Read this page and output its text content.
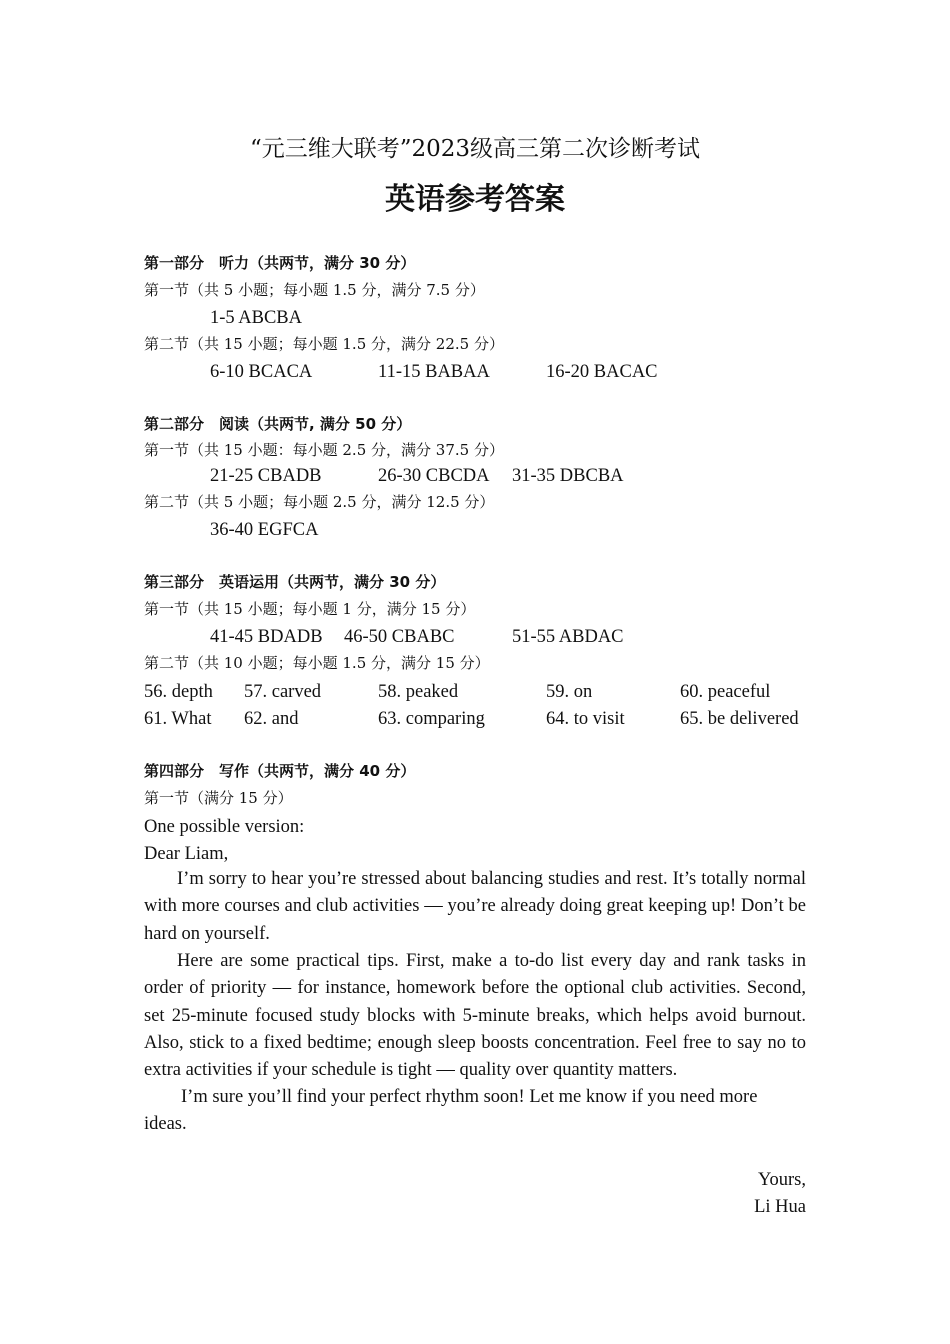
“元三维大联考”2023级高三第二次诊断考试
英语参考答案
第一部分　听力（共两节，满分 30 分）
第一节（共 5 小题；每小题 1.5 分，满分 7.5 分）
1-5 ABCBA
第二节（共 15 小题；每小题 1.5 分，满分 22.5 分）
6-10 BCACA	11-15 BABAA	16-20 BACAC
第二部分　阅读（共两节, 满分 50 分）
第一节（共 15 小题：每小题 2.5 分，满分 37.5 分）
21-25 CBADB	26-30 CBCDA 31-35 DBCBA
第二节（共 5 小题；每小题 2.5 分，满分 12.5 分）
36-40 EGFCA
第三部分　英语运用（共两节，满分 30 分）
第一节（共 15 小题；每小题 1 分，满分 15 分）
41-45 BDADB 46-50 CBABC	51-55 ABDAC
第二节（共 10 小题；每小题 1.5 分，满分 15 分）
56. depth 57. carved	58. peaked	59. on	60. peaceful
61. What 62. and	63. comparing	64. to visit	65. be delivered
第四部分　写作（共两节，满分 40 分）
第一节（满分 15 分）
One possible version:
Dear Liam,
I’m sorry to hear you’re stressed about balancing studies and rest. It’s totally normal with more courses and club activities — you’re already doing great keeping up! Don’t be hard on yourself.
Here are some practical tips. First, make a to-do list every day and rank tasks in order of priority — for instance, homework before the optional club activities. Second, set 25-minute focused study blocks with 5-minute breaks, which helps avoid burnout. Also, stick to a fixed bedtime; enough sleep boosts concentration. Feel free to say no to extra activities if your schedule is tight — quality over quantity matters.
I’m sure you’ll find your perfect rhythm soon! Let me know if you need more ideas.
Yours,
Li Hua
